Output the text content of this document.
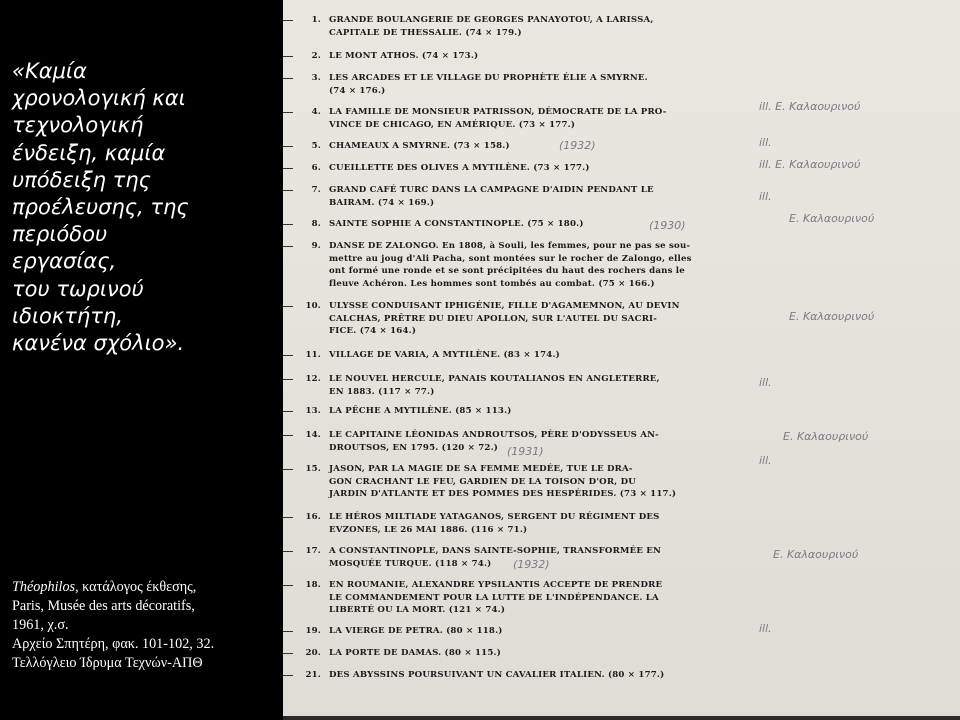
«Καμία
χρονολογική και
τεχνολογική
ένδειξη, καμία
υπόδειξη της
προέλευσης, της
περιόδου
εργασίας,
του τωρινού
ιδιοκτήτη,
κανένα σχόλιο».
Théophilos, κατάλογος έκθεσης,
Paris, Musée des arts décoratifs,
1961, χ.σ.
Αρχείο Σπητέρη, φακ. 101-102, 32.
Τελλόγλειο Ίδρυμα Τεχνών-ΑΠΘ
(1932)
(1930)
(1931)
(1932)
ill. E. Καλαουρινού
ill.
ill. E. Καλαουρινού
ill.
E. Καλαουρινού
E. Καλαουρινού
ill.
E. Καλαουρινού
ill.
E. Καλαουρινού
ill.
1. GRANDE BOULANGERIE DE GEORGES PANAYOTOU, A LARISSA,
CAPITALE DE THESSALIE. (74 × 179.)
2. LE MONT ATHOS. (74 × 173.)
3. LES ARCADES ET LE VILLAGE DU PROPHÈTE ÉLIE A SMYRNE.
(74 × 176.)
4. LA FAMILLE DE MONSIEUR PATRISSON, DÉMOCRATE DE LA PRO-
VINCE DE CHICAGO, EN AMÉRIQUE. (73 × 177.)
5. CHAMEAUX A SMYRNE. (73 × 158.)
6. CUEILLETTE DES OLIVES A MYTILÈNE. (73 × 177.)
7. GRAND CAFÉ TURC DANS LA CAMPAGNE D'AIDIN PENDANT LE
BAIRAM. (74 × 169.)
8. SAINTE SOPHIE A CONSTANTINOPLE. (75 × 180.)
9. DANSE DE ZALONGO. En 1808, à Souli, les femmes, pour ne pas se sou-
mettre au joug d'Ali Pacha, sont montées sur le rocher de Zalongo, elles
ont formé une ronde et se sont précipitées du haut des rochers dans le
fleuve Achéron. Les hommes sont tombés au combat. (75 × 166.)
10. ULYSSE CONDUISANT IPHIGÉNIE, FILLE D'AGAMEMNON, AU DEVIN
CALCHAS, PRÊTRE DU DIEU APOLLON, SUR L'AUTEL DU SACRI-
FICE. (74 × 164.)
11. VILLAGE DE VARIA, A MYTILÈNE. (83 × 174.)
12. LE NOUVEL HERCULE, PANAIS KOUTALIANOS EN ANGLETERRE,
EN 1883. (117 × 77.)
13. LA PÊCHE A MYTILÈNE. (85 × 113.)
14. LE CAPITAINE LÉONIDAS ANDROUTSOS, PÈRE D'ODYSSEUS AN-
DROUTSOS, EN 1795. (120 × 72.)
15. JASON, PAR LA MAGIE DE SA FEMME MEDÉE, TUE LE DRA-
GON CRACHANT LE FEU, GARDIEN DE LA TOISON D'OR, DU
JARDIN D'ATLANTE ET DES POMMES DES HESPÉRIDES. (73 × 117.)
16. LE HÉROS MILTIADE YATAGANOS, SERGENT DU RÉGIMENT DES
EVZONES, LE 26 MAI 1886. (116 × 71.)
17. A CONSTANTINOPLE, DANS SAINTE-SOPHIE, TRANSFORMÉE EN
MOSQUÉE TURQUE. (118 × 74.)
18. EN ROUMANIE, ALEXANDRE YPSILANTIS ACCEPTE DE PRENDRE
LE COMMANDEMENT POUR LA LUTTE DE L'INDÉPENDANCE. LA
LIBERTÉ OU LA MORT. (121 × 74.)
19. LA VIERGE DE PETRA. (80 × 118.)
20. LA PORTE DE DAMAS. (80 × 115.)
21. DES ABYSSINS POURSUIVANT UN CAVALIER ITALIEN. (80 × 177.)
